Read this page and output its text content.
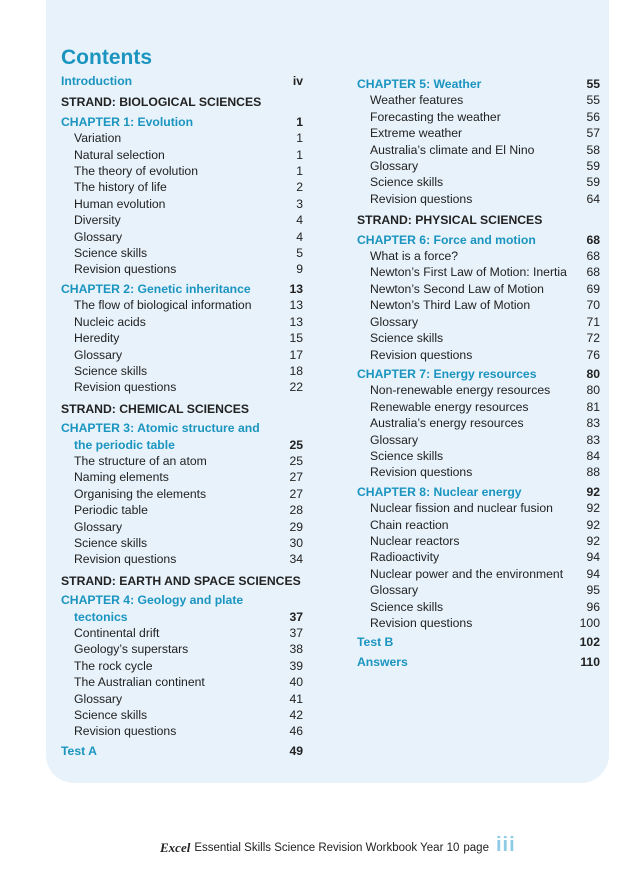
Contents
Introduction	iv
STRAND: BIOLOGICAL SCIENCES
CHAPTER 1: Evolution	1
Variation	1
Natural selection	1
The theory of evolution	1
The history of life	2
Human evolution	3
Diversity	4
Glossary	4
Science skills	5
Revision questions	9
CHAPTER 2: Genetic inheritance	13
The flow of biological information	13
Nucleic acids	13
Heredity	15
Glossary	17
Science skills	18
Revision questions	22
STRAND: CHEMICAL SCIENCES
CHAPTER 3: Atomic structure and
the periodic table	25
The structure of an atom	25
Naming elements	27
Organising the elements	27
Periodic table	28
Glossary	29
Science skills	30
Revision questions	34
STRAND: EARTH AND SPACE SCIENCES
CHAPTER 4: Geology and plate
tectonics	37
Continental drift	37
Geology’s superstars	38
The rock cycle	39
The Australian continent	40
Glossary	41
Science skills	42
Revision questions	46
Test A	49
CHAPTER 5: Weather	55
Weather features	55
Forecasting the weather	56
Extreme weather	57
Australia’s climate and El Nino	58
Glossary	59
Science skills	59
Revision questions	64
STRAND: PHYSICAL SCIENCES
CHAPTER 6: Force and motion	68
What is a force?	68
Newton’s First Law of Motion: Inertia	68
Newton’s Second Law of Motion	69
Newton’s Third Law of Motion	70
Glossary	71
Science skills	72
Revision questions	76
CHAPTER 7: Energy resources	80
Non-renewable energy resources	80
Renewable energy resources	81
Australia’s energy resources	83
Glossary	83
Science skills	84
Revision questions	88
CHAPTER 8: Nuclear energy	92
Nuclear fission and nuclear fusion	92
Chain reaction	92
Nuclear reactors	92
Radioactivity	94
Nuclear power and the environment	94
Glossary	95
Science skills	96
Revision questions	100
Test B	102
Answers	110
Excel Essential Skills Science Revision Workbook Year 10 page iii
